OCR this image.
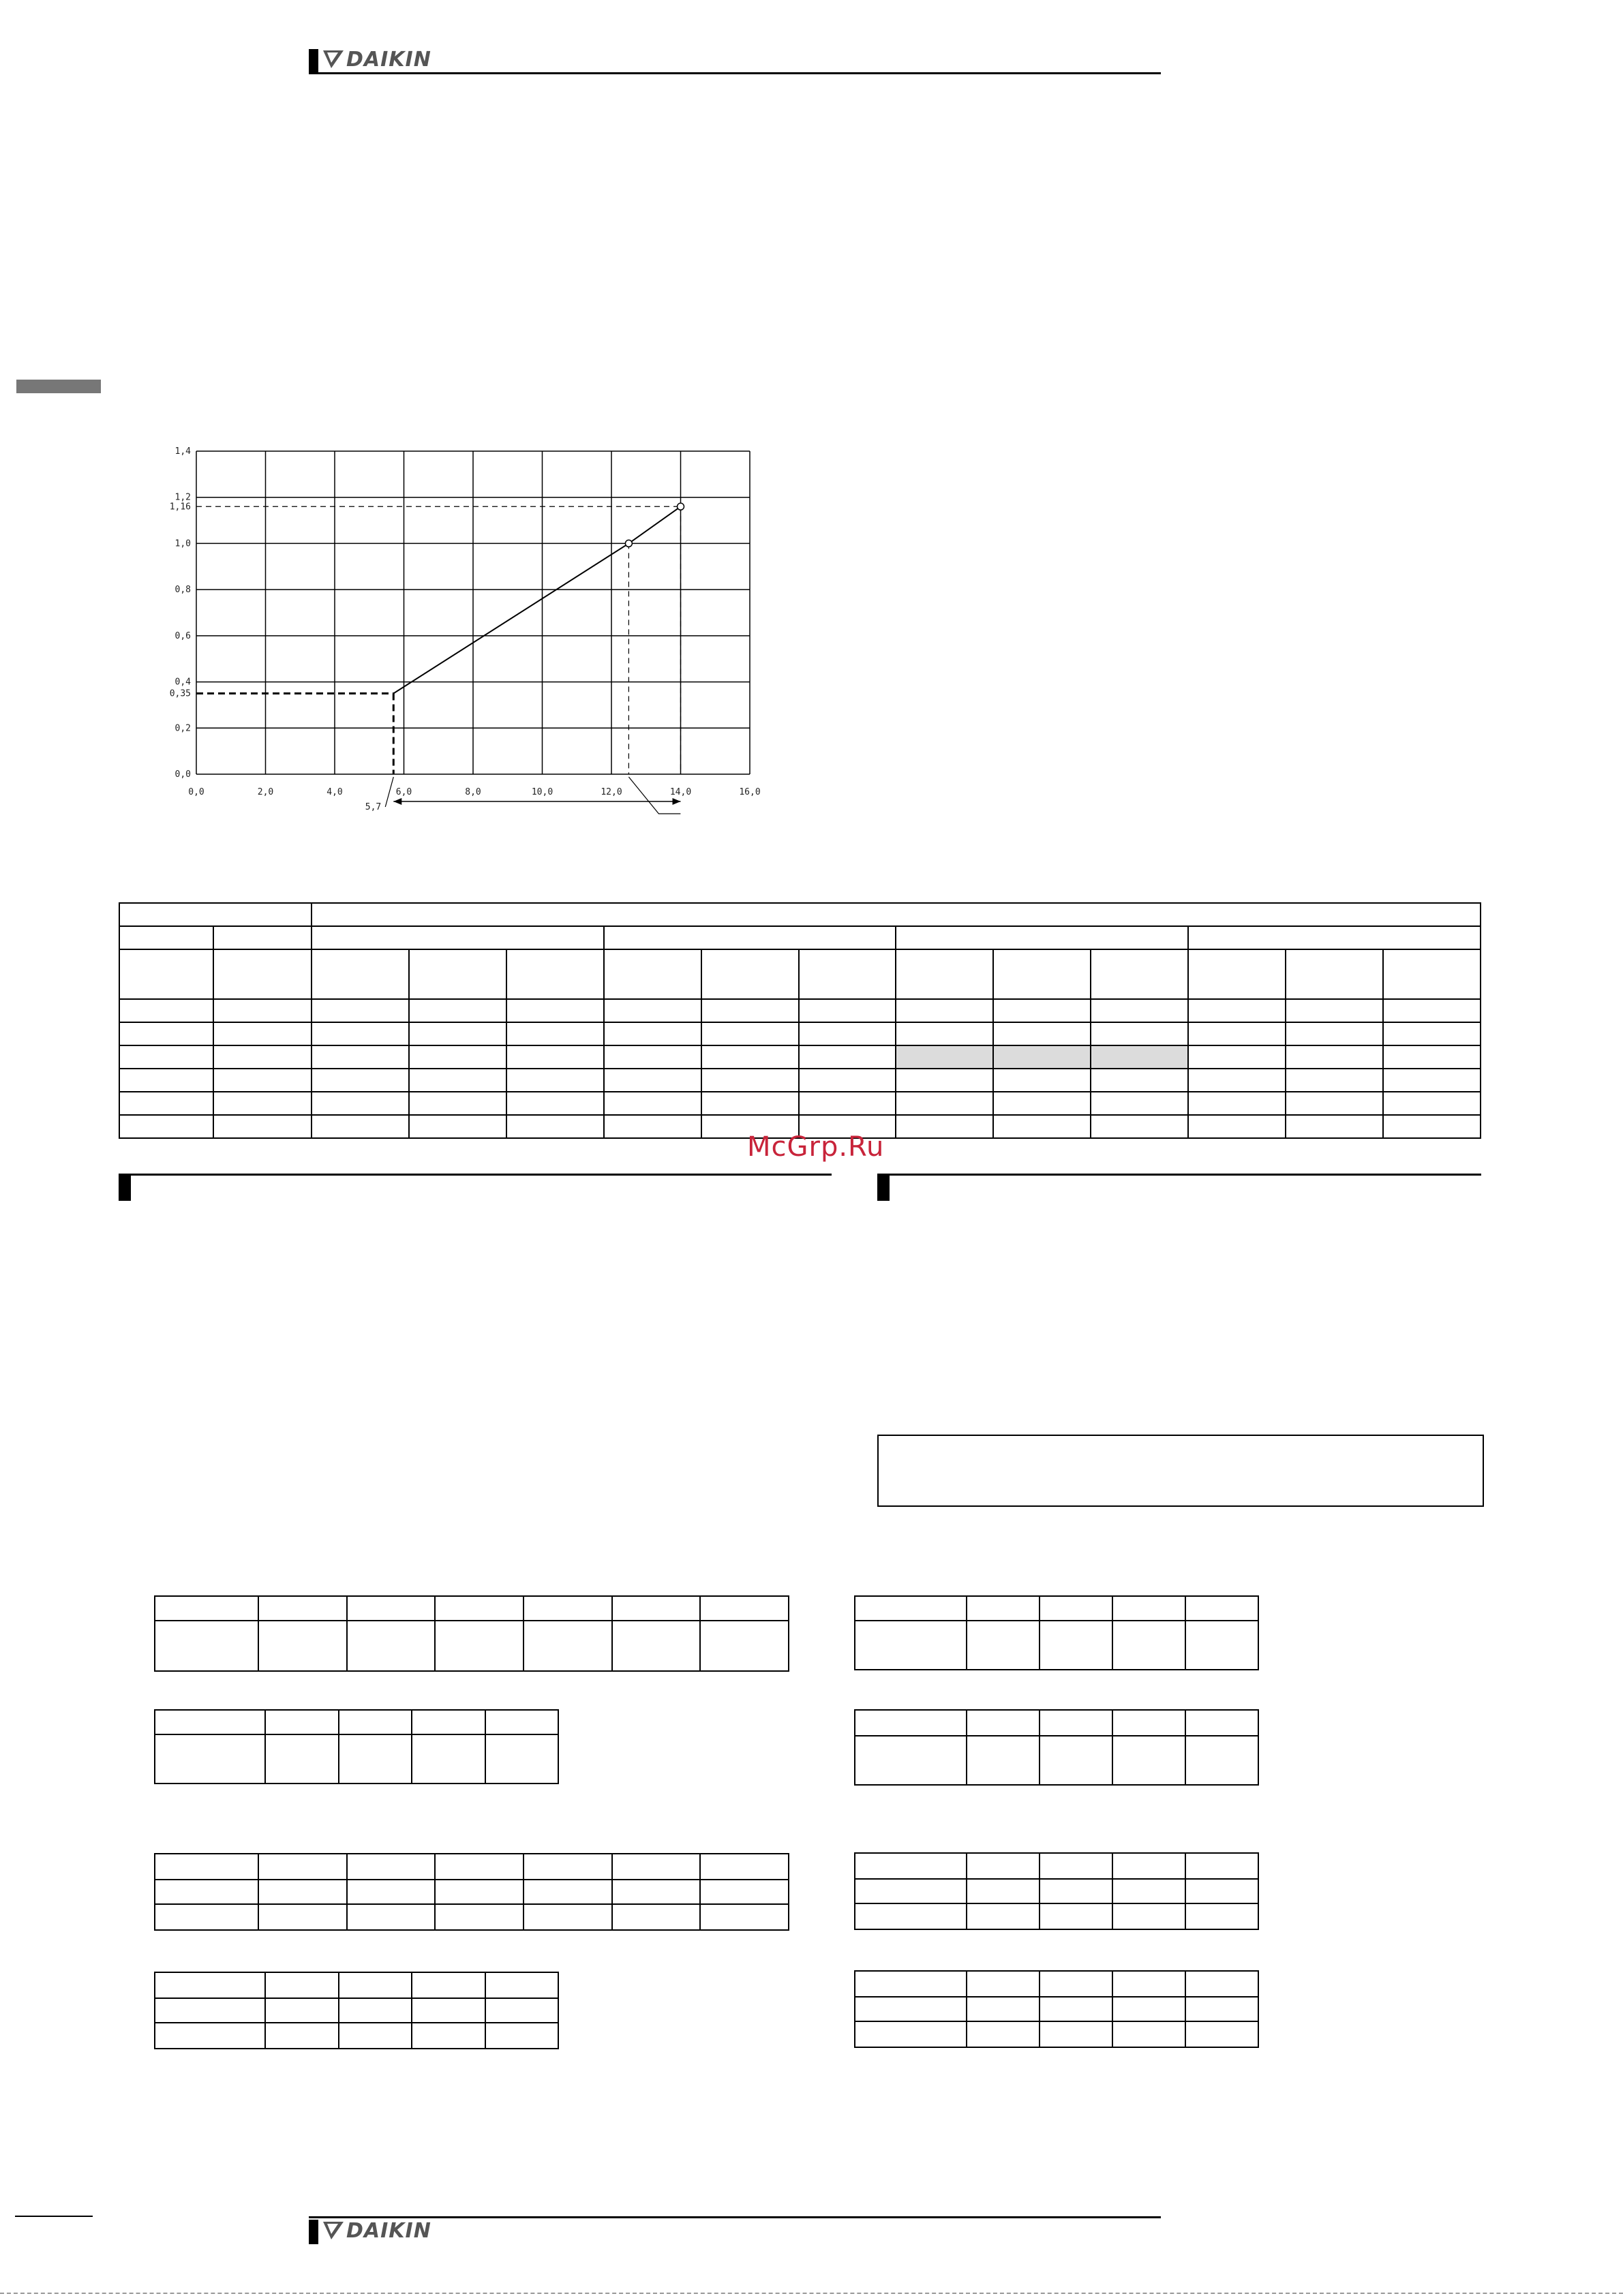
DAIKIN
0,0	2,0	4,0	6,0	8,0	10,0	12,0	14,0	16,0
0,0
0,2
0,35
0,4
0,6
0,8
1,0
1,16
1,2
1,4
5,7

McGrp.Ru

DAIKIN
